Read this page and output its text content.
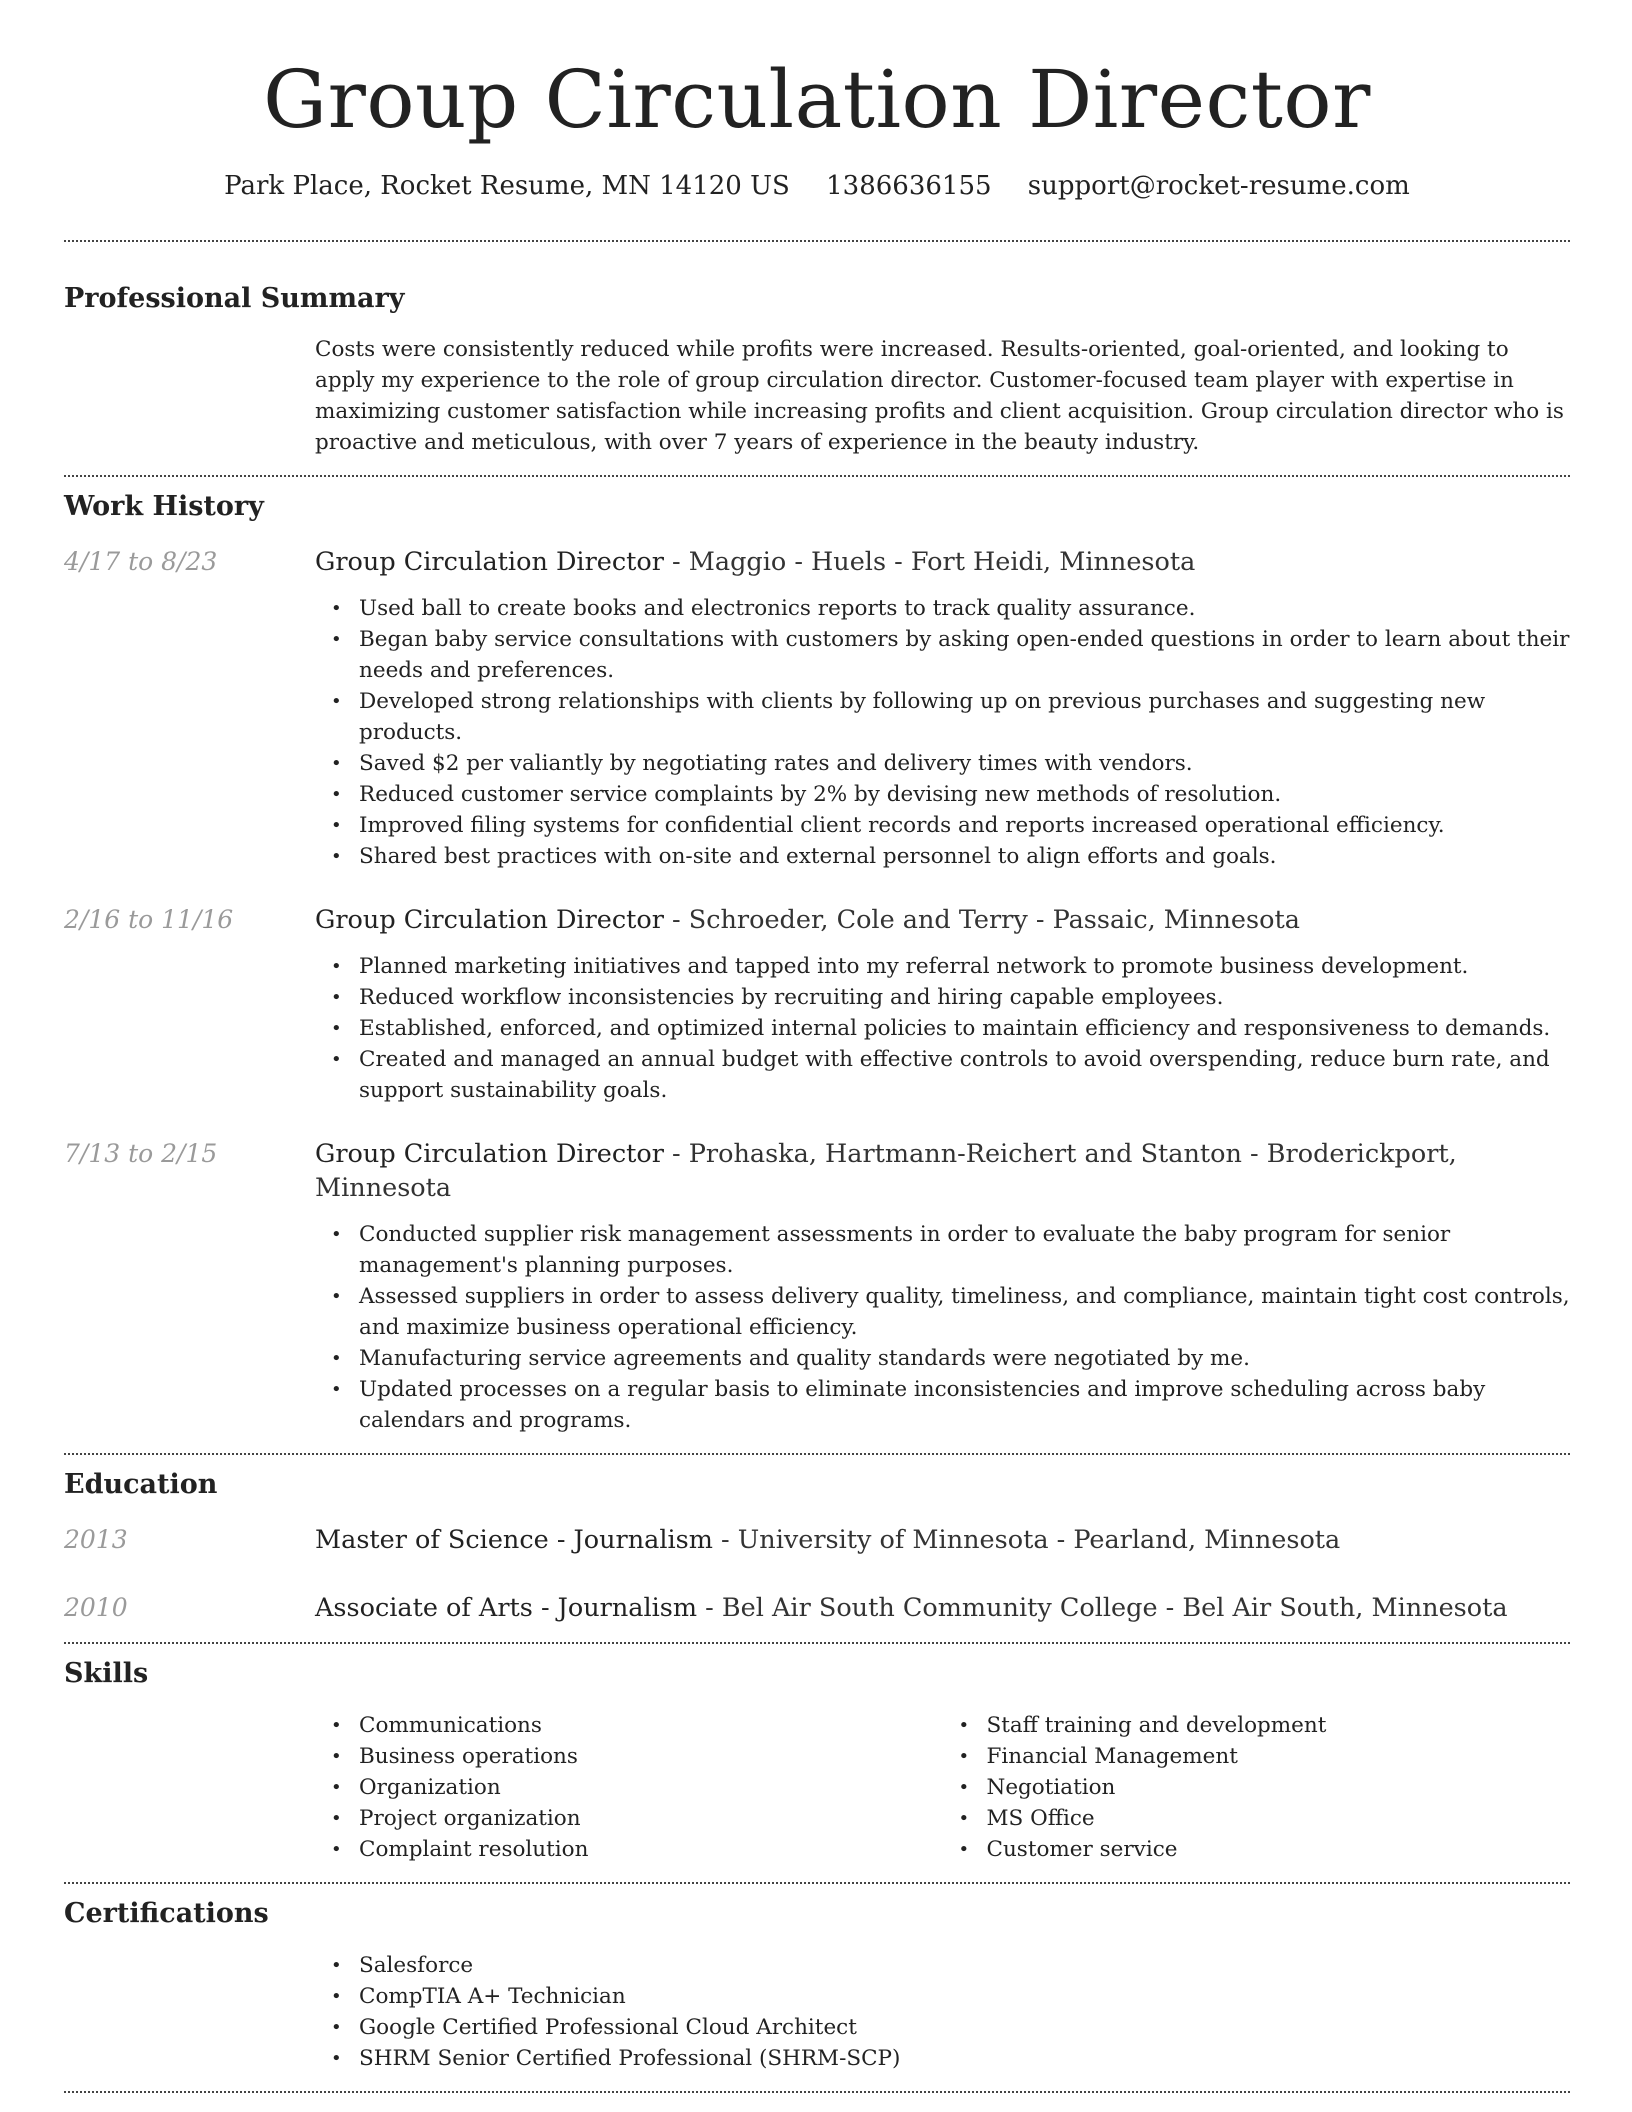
Group Circulation Director
Park Place, Rocket Resume, MN 14120 US 1386636155 support@rocket-resume.com
Professional Summary
Costs were consistently reduced while profits were increased. Results-oriented, goal-oriented, and looking to apply my experience to the role of group circulation director. Customer-focused team player with expertise in maximizing customer satisfaction while increasing profits and client acquisition. Group circulation director who is proactive and meticulous, with over 7 years of experience in the beauty industry.
Work History
4/17 to 8/23	Group Circulation Director - Maggio - Huels - Fort Heidi, Minnesota
• Used ball to create books and electronics reports to track quality assurance.
• Began baby service consultations with customers by asking open-ended questions in order to learn about their needs and preferences.
• Developed strong relationships with clients by following up on previous purchases and suggesting new products.
• Saved $2 per valiantly by negotiating rates and delivery times with vendors.
• Reduced customer service complaints by 2% by devising new methods of resolution.
• Improved filing systems for confidential client records and reports increased operational efficiency.
• Shared best practices with on-site and external personnel to align efforts and goals.
2/16 to 11/16	Group Circulation Director - Schroeder, Cole and Terry - Passaic, Minnesota
• Planned marketing initiatives and tapped into my referral network to promote business development.
• Reduced workflow inconsistencies by recruiting and hiring capable employees.
• Established, enforced, and optimized internal policies to maintain efficiency and responsiveness to demands.
• Created and managed an annual budget with effective controls to avoid overspending, reduce burn rate, and support sustainability goals.
7/13 to 2/15	Group Circulation Director - Prohaska, Hartmann-Reichert and Stanton - Broderickport, Minnesota
• Conducted supplier risk management assessments in order to evaluate the baby program for senior management's planning purposes.
• Assessed suppliers in order to assess delivery quality, timeliness, and compliance, maintain tight cost controls, and maximize business operational efficiency.
• Manufacturing service agreements and quality standards were negotiated by me.
• Updated processes on a regular basis to eliminate inconsistencies and improve scheduling across baby calendars and programs.
Education
2013	Master of Science - Journalism - University of Minnesota - Pearland, Minnesota
2010	Associate of Arts - Journalism - Bel Air South Community College - Bel Air South, Minnesota
Skills
• Communications
• Business operations
• Organization
• Project organization
• Complaint resolution
• Staff training and development
• Financial Management
• Negotiation
• MS Office
• Customer service
Certifications
• Salesforce
• CompTIA A+ Technician
• Google Certified Professional Cloud Architect
• SHRM Senior Certified Professional (SHRM-SCP)
